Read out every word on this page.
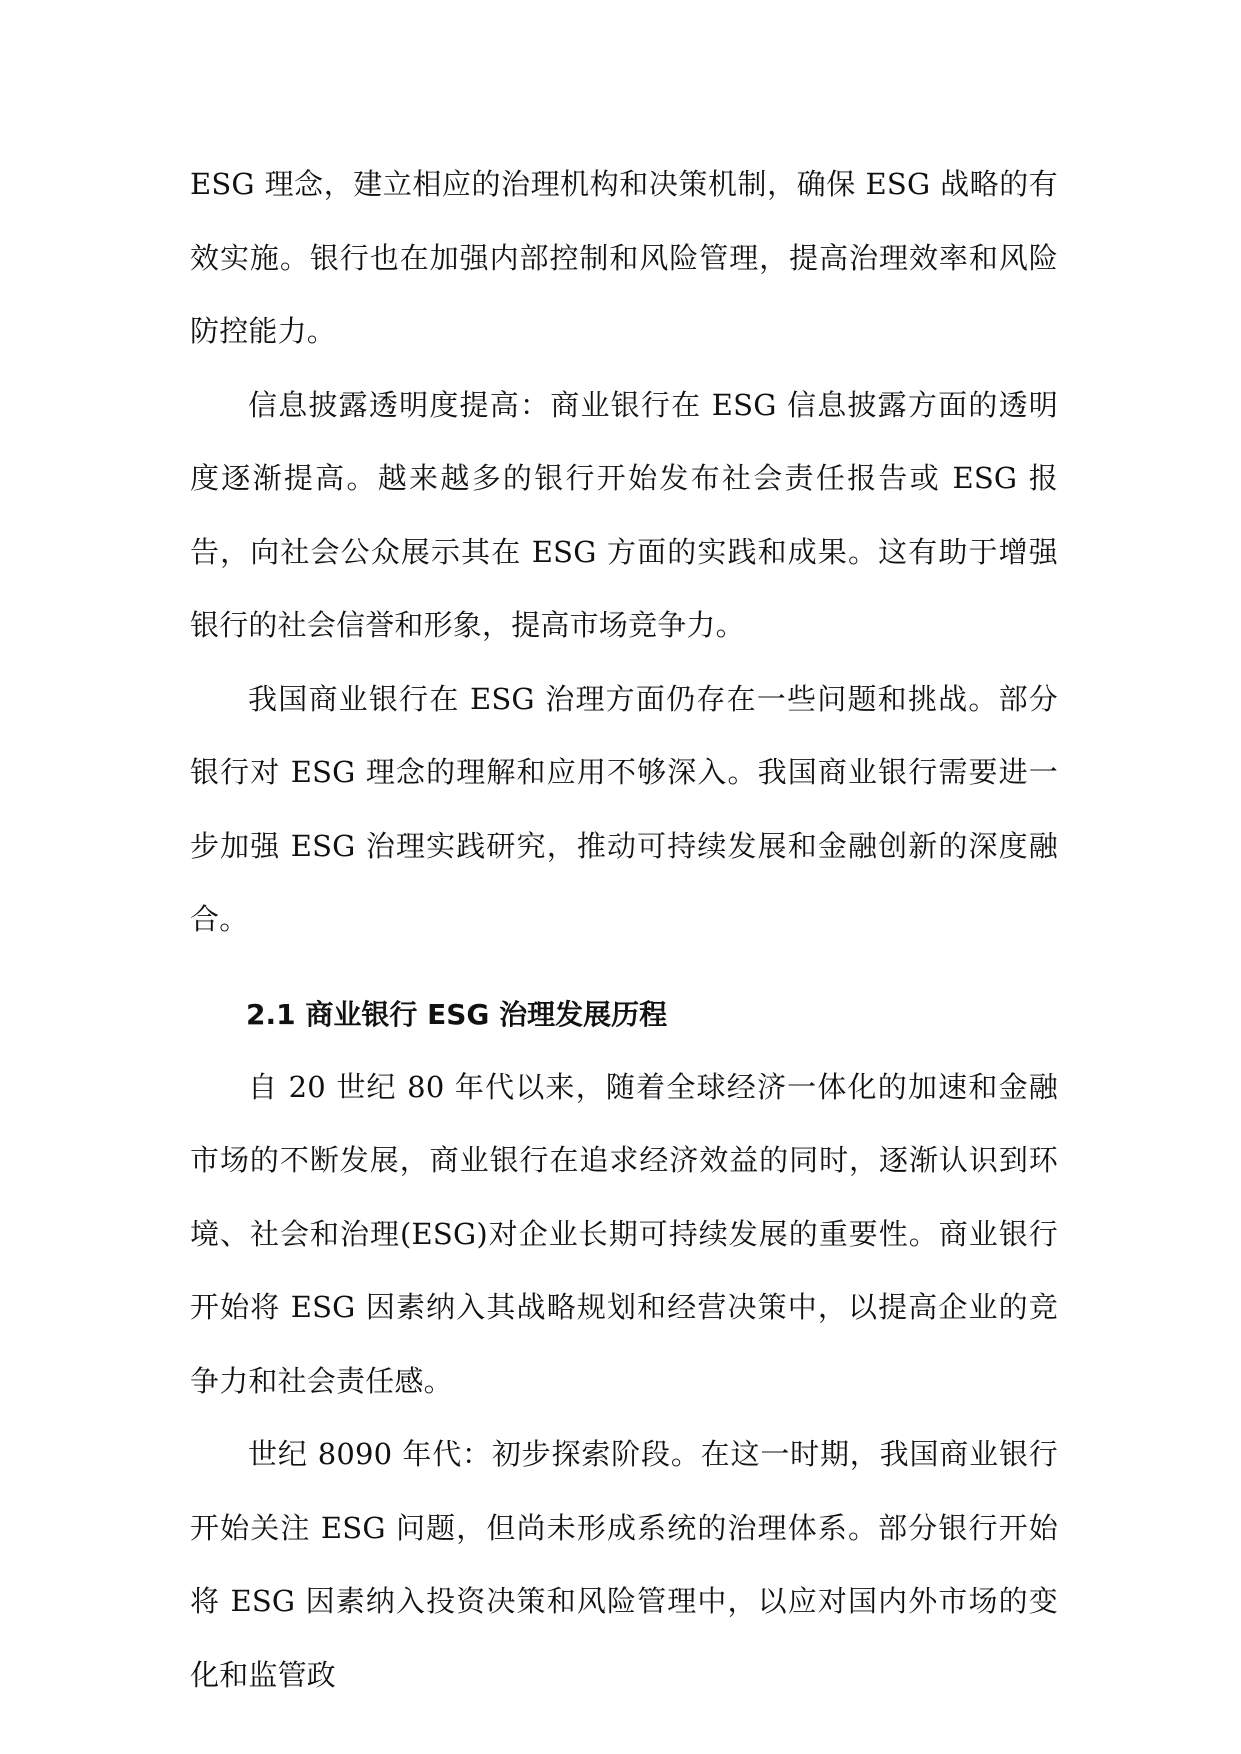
ESG 理念，建立相应的治理机构和决策机制，确保 ESG 战略的有效实施。银行也在加强内部控制和风险管理，提高治理效率和风险防控能力。

信息披露透明度提高：商业银行在 ESG 信息披露方面的透明度逐渐提高。越来越多的银行开始发布社会责任报告或 ESG 报告，向社会公众展示其在 ESG 方面的实践和成果。这有助于增强银行的社会信誉和形象，提高市场竞争力。

我国商业银行在 ESG 治理方面仍存在一些问题和挑战。部分银行对 ESG 理念的理解和应用不够深入。我国商业银行需要进一步加强 ESG 治理实践研究，推动可持续发展和金融创新的深度融合。

2.1 商业银行 ESG 治理发展历程

自 20 世纪 80 年代以来，随着全球经济一体化的加速和金融市场的不断发展，商业银行在追求经济效益的同时，逐渐认识到环境、社会和治理(ESG)对企业长期可持续发展的重要性。商业银行开始将 ESG 因素纳入其战略规划和经营决策中，以提高企业的竞争力和社会责任感。

世纪 8090 年代：初步探索阶段。在这一时期，我国商业银行开始关注 ESG 问题，但尚未形成系统的治理体系。部分银行开始将 ESG 因素纳入投资决策和风险管理中，以应对国内外市场的变化和监管政
